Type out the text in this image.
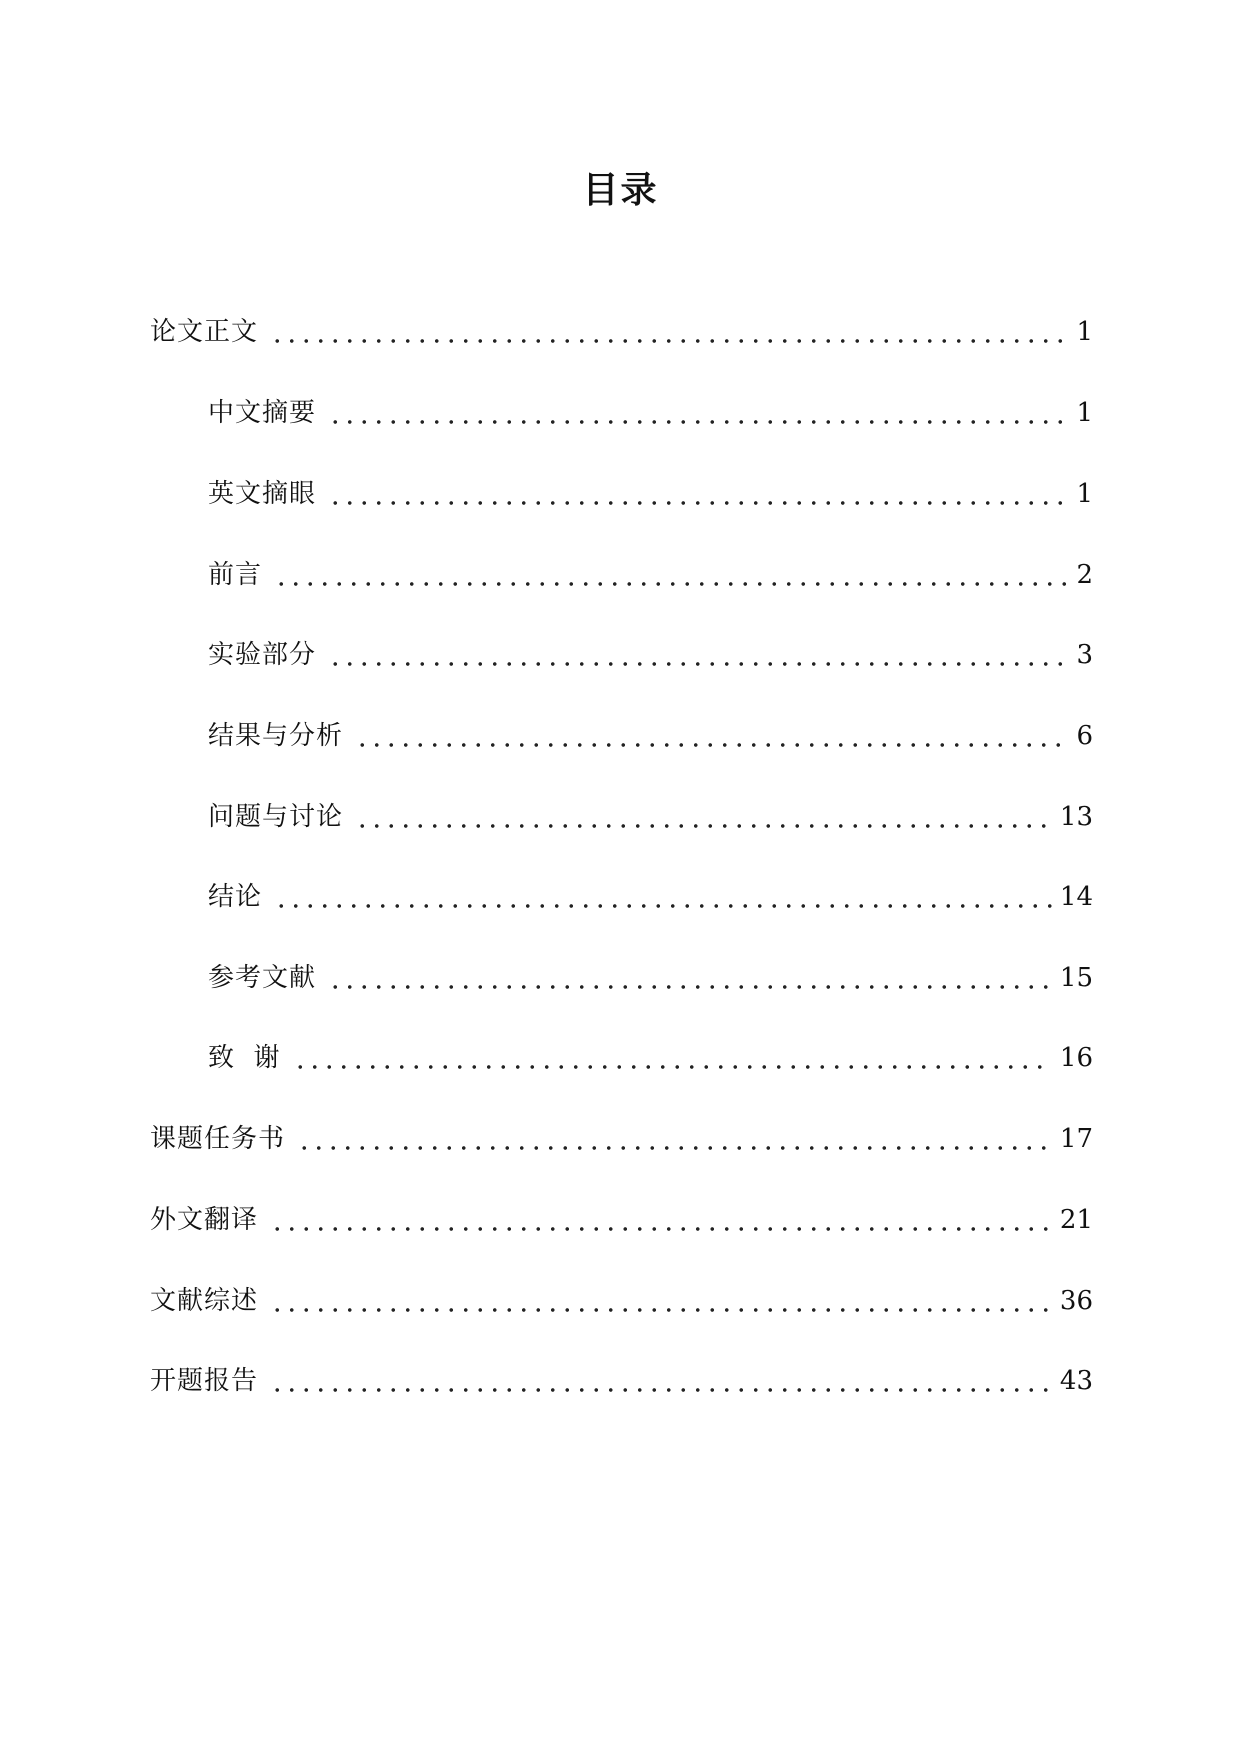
目录
论文正文	1
中文摘要	1
英文摘眼	1
前言	2
实验部分	3
结果与分析	6
问题与讨论	13
结论	14
参考文献	15
致  谢	16
课题任务书	17
外文翻译	21
文献综述	36
开题报告	43
